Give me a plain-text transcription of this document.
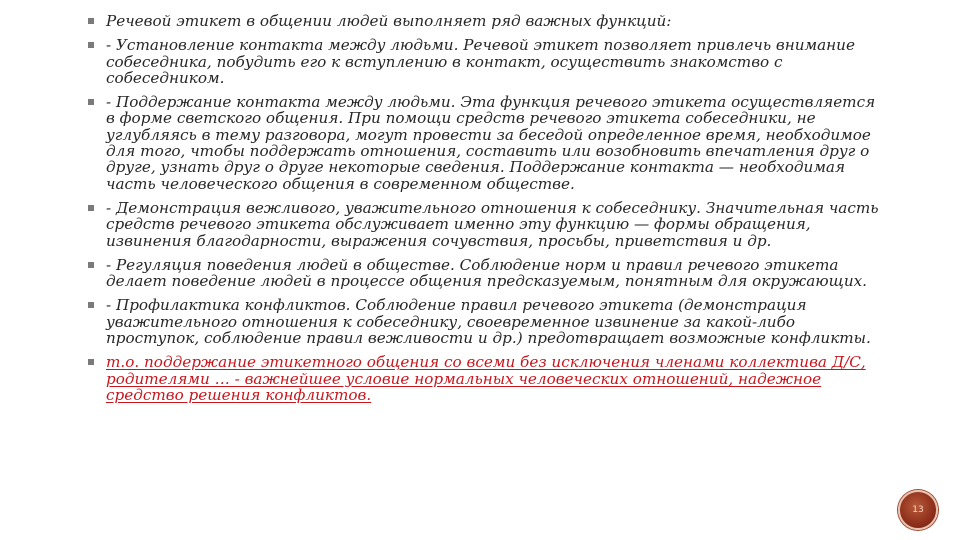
Речевой этикет в общении людей выполняет ряд важных функций:
- Установление контакта между людьми. Речевой этикет позволяет привлечь внимание собеседника, побудить его к вступлению в контакт, осуществить знакомство с собеседником.
- Поддержание контакта между людьми. Эта функция речевого этикета осуществляется в форме светского общения. При помощи средств речевого этикета собеседники, не углубляясь в тему разговора, могут провести за беседой определенное время, необходимое для того, чтобы поддержать отношения, составить или возобновить впечатления друг о друге, узнать друг о друге некоторые сведения. Поддержание контакта — необходимая часть человеческого общения в современном обществе.
- Демонстрация вежливого, уважительного отношения к собеседнику. Значительная часть средств речевого этикета обслуживает именно эту функцию — формы обращения, извинения благодарности, выражения сочувствия, просьбы, приветствия и др.
- Регуляция поведения людей в обществе. Соблюдение норм и правил речевого этикета делает поведение людей в процессе общения предсказуемым, понятным для окружающих.
- Профилактика конфликтов. Соблюдение правил речевого этикета (демонстрация уважительного отношения к собеседнику, своевременное извинение за какой-либо проступок, соблюдение правил вежливости и др.) предотвращает возможные конфликты.
т.о. поддержание этикетного общения со всеми без исключения членами коллектива Д/С, родителями … - важнейшее условие нормальных человеческих отношений, надежное средство решения конфликтов.
13
